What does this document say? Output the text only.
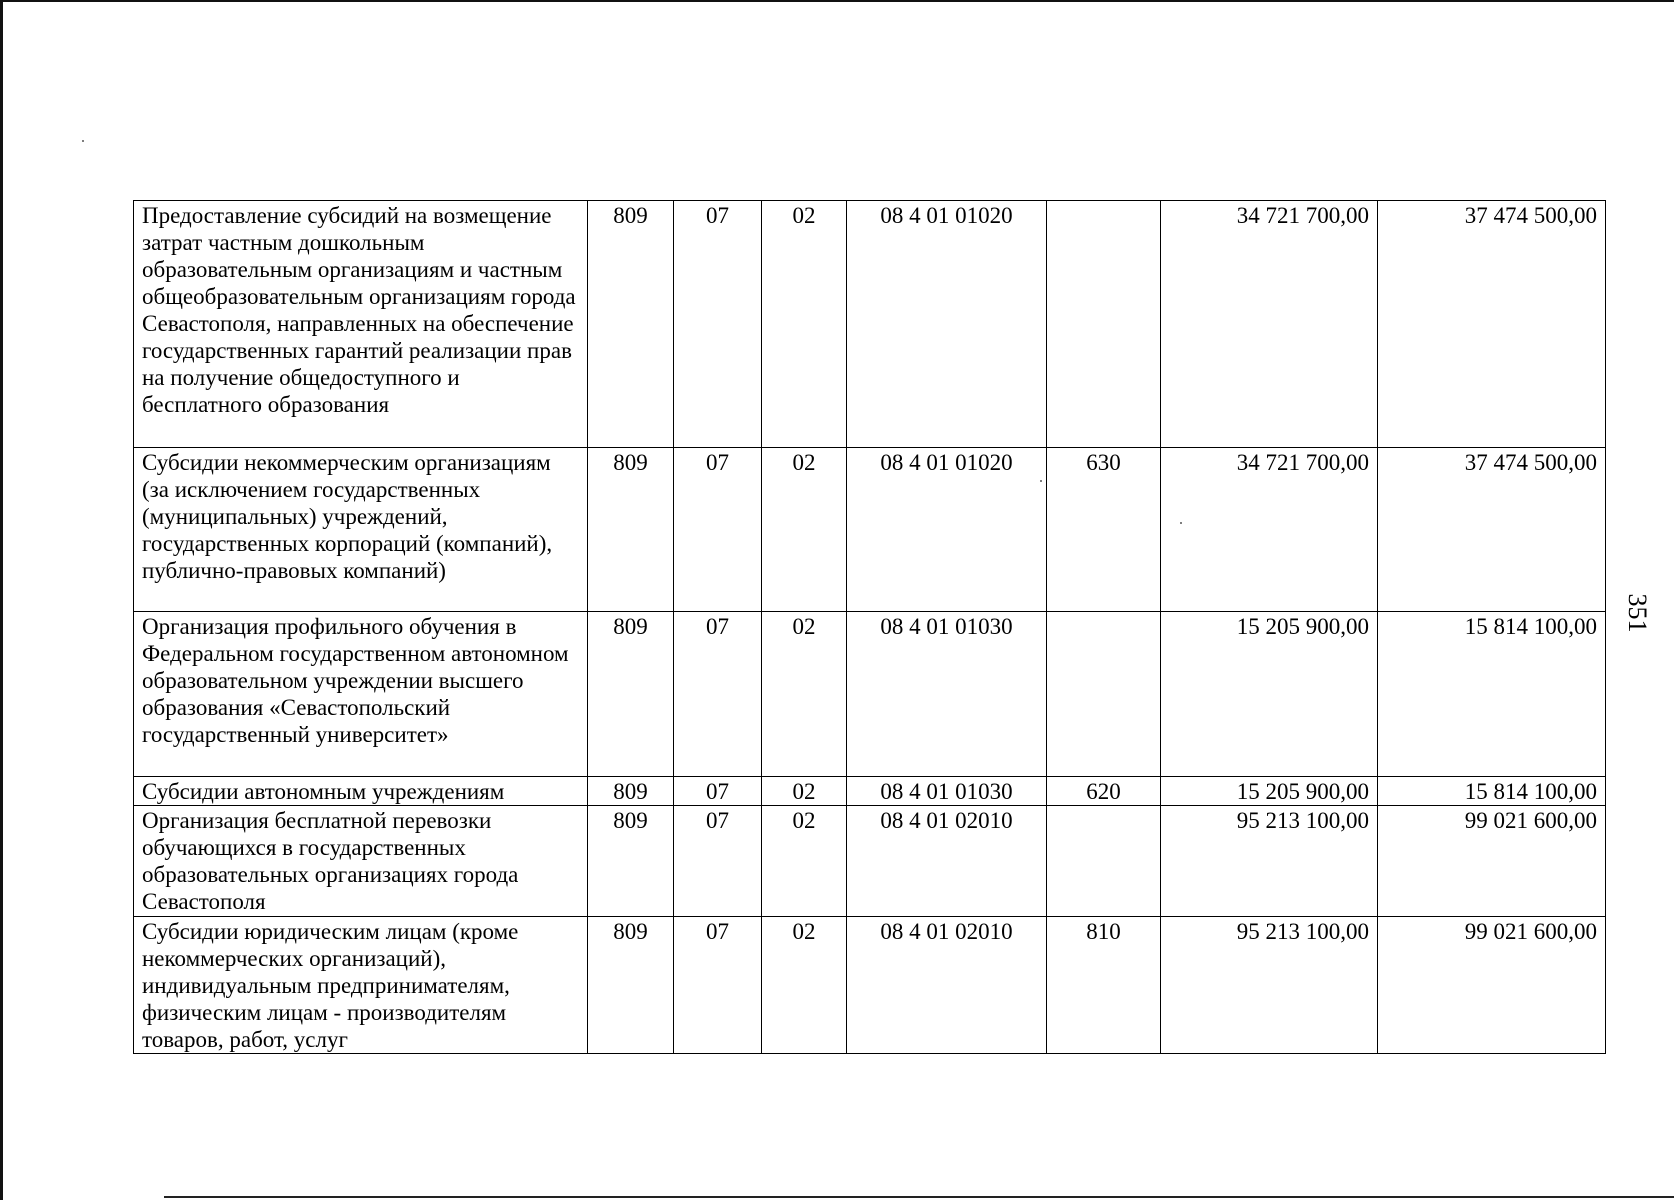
Предоставление субсидий на возмещение затрат частным дошкольным образовательным организациям и частным общеобразовательным организациям города Севастополя, направленных на обеспечение государственных гарантий реализации прав на получение общедоступного и бесплатного образования	809	07	02	08 4 01 01020		34 721 700,00	37 474 500,00
Субсидии некоммерческим организациям (за исключением государственных (муниципальных) учреждений, государственных корпораций (компаний), публично-правовых компаний)	809	07	02	08 4 01 01020	630	34 721 700,00	37 474 500,00
Организация профильного обучения в Федеральном государственном автономном образовательном учреждении высшего образования «Севастопольский государственный университет»	809	07	02	08 4 01 01030		15 205 900,00	15 814 100,00
Субсидии автономным учреждениям	809	07	02	08 4 01 01030	620	15 205 900,00	15 814 100,00
Организация бесплатной перевозки обучающихся в государственных образовательных организациях города Севастополя	809	07	02	08 4 01 02010		95 213 100,00	99 021 600,00
Субсидии юридическим лицам (кроме некоммерческих организаций), индивидуальным предпринимателям, физическим лицам - производителям товаров, работ, услуг	809	07	02	08 4 01 02010	810	95 213 100,00	99 021 600,00
351
